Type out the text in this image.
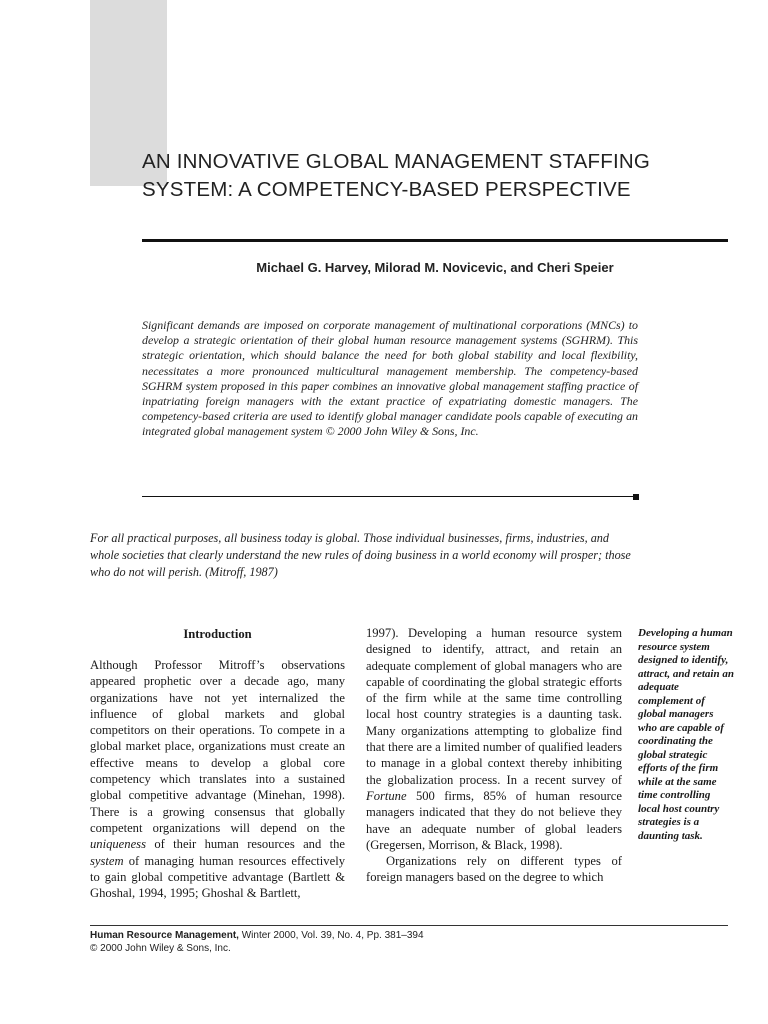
AN INNOVATIVE GLOBAL MANAGEMENT STAFFING
SYSTEM: A COMPETENCY-BASED PERSPECTIVE
Michael G. Harvey, Milorad M. Novicevic, and Cheri Speier

Significant demands are imposed on corporate management of multinational corporations (MNCs) to develop a strategic orientation of their global human resource management systems (SGHRM). This strategic orientation, which should balance the need for both global stability and local flexibility, necessitates a more pronounced multicultural management membership. The competency-based SGHRM system proposed in this paper combines an innovative global management staffing practice of inpatriating foreign managers with the extant practice of expatriating domestic managers. The competency-based criteria are used to identify global manager candidate pools capable of executing an integrated global management system © 2000 John Wiley & Sons, Inc.

For all practical purposes, all business today is global. Those individual businesses, firms, industries, and whole societies that clearly understand the new rules of doing business in a world economy will prosper; those who do not will perish. (Mitroff, 1987)

Introduction

Although Professor Mitroff’s observations appeared prophetic over a decade ago, many organizations have not yet internalized the influence of global markets and global competitors on their operations. To compete in a global market place, organizations must create an effective means to develop a global core competency which translates into a sustained global competitive advantage (Minehan, 1998). There is a growing consensus that globally competent organizations will depend on the uniqueness of their human resources and the system of managing human resources effectively to gain global competitive advantage (Bartlett & Ghoshal, 1994, 1995; Ghoshal & Bartlett,

1997). Developing a human resource system designed to identify, attract, and retain an adequate complement of global managers who are capable of coordinating the global strategic efforts of the firm while at the same time controlling local host country strategies is a daunting task. Many organizations attempting to globalize find that there are a limited number of qualified leaders to manage in a global context thereby inhibiting the globalization process. In a recent survey of Fortune 500 firms, 85% of human resource managers indicated that they do not believe they have an adequate number of global leaders (Gregersen, Morrison, & Black, 1998).

Organizations rely on different types of foreign managers based on the degree to which

Developing a human resource system designed to identify, attract, and retain an adequate complement of global managers who are capable of coordinating the global strategic efforts of the firm while at the same time controlling local host country strategies is a daunting task.

Human Resource Management, Winter 2000, Vol. 39, No. 4, Pp. 381–394
© 2000 John Wiley & Sons, Inc.
